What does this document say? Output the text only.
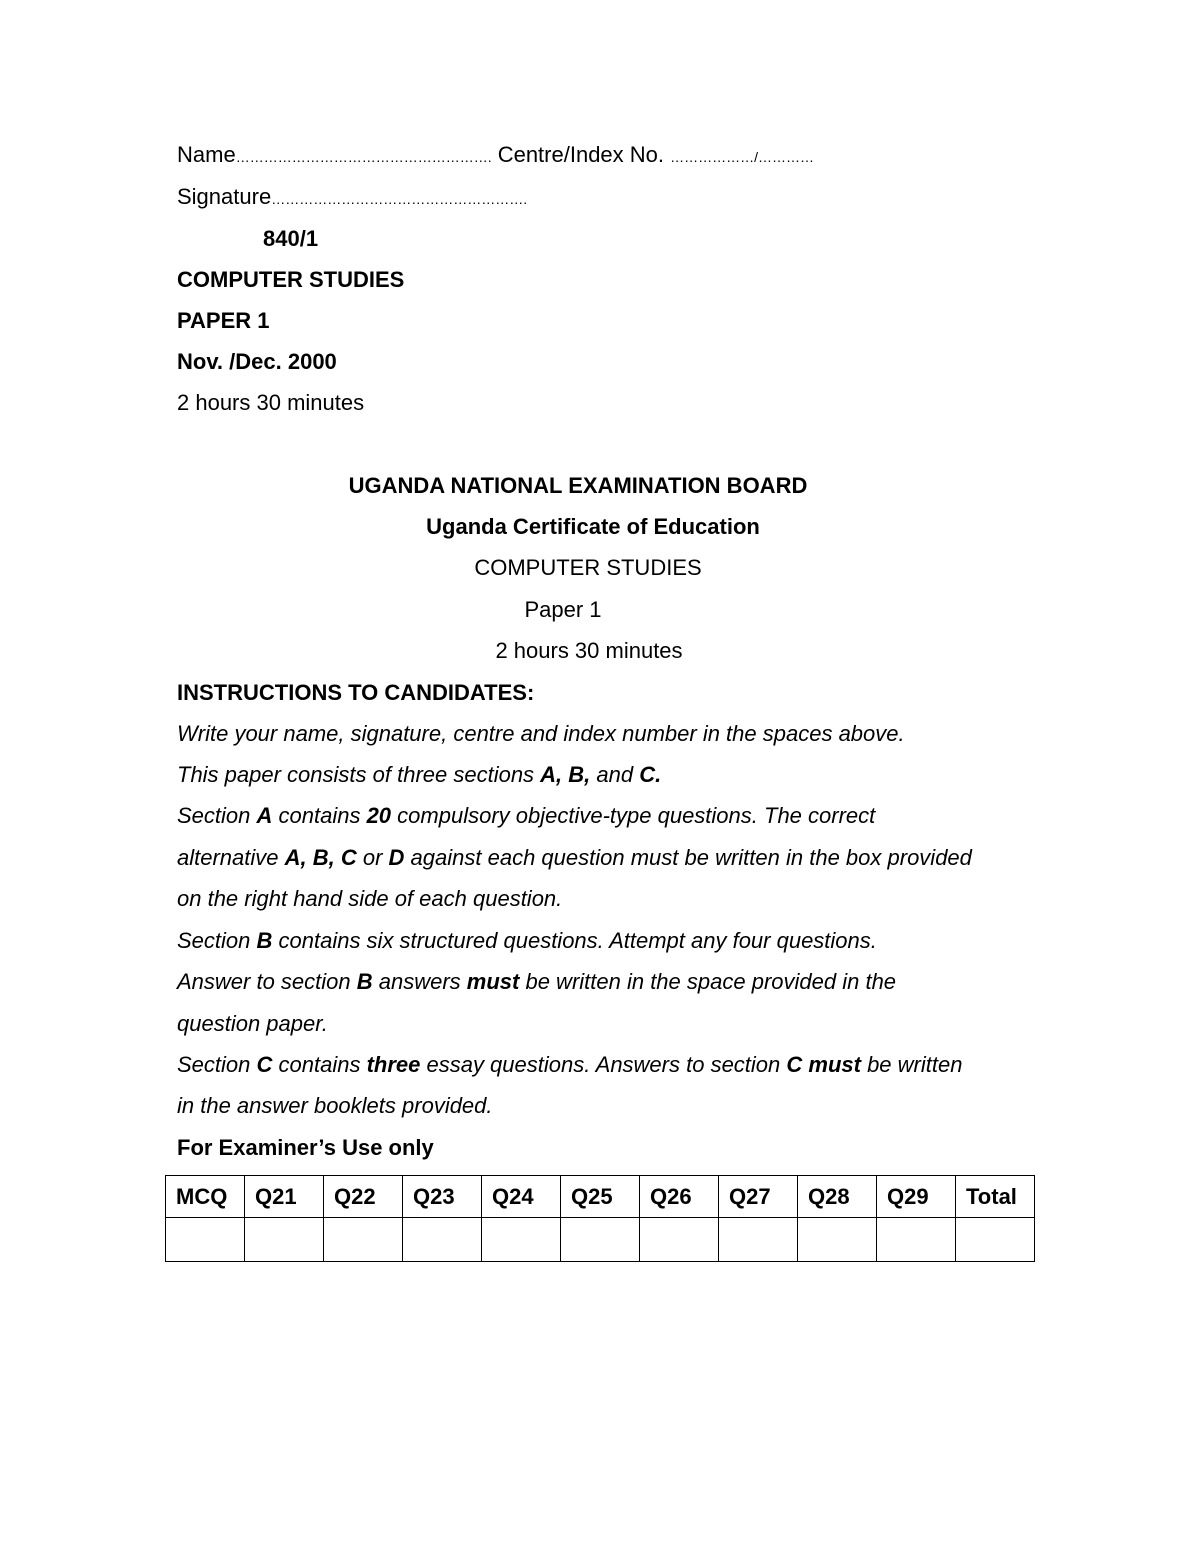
Name………………………………………………. Centre/Index No. ………………/…………
Signature……………………………………………….
840/1
COMPUTER STUDIES
PAPER 1
Nov. /Dec. 2000
2 hours 30 minutes
UGANDA NATIONAL EXAMINATION BOARD
Uganda Certificate of Education
COMPUTER STUDIES
Paper 1
2 hours 30 minutes
INSTRUCTIONS TO CANDIDATES:
Write your name, signature, centre and index number in the spaces above.
This paper consists of three sections A, B, and C.
Section A contains 20 compulsory objective-type questions. The correct
alternative A, B, C or D against each question must be written in the box provided
on the right hand side of each question.
Section B contains six structured questions. Attempt any four questions.
Answer to section B answers must be written in the space provided in the
question paper.
Section C contains three essay questions. Answers to section C must be written
in the answer booklets provided.
For Examiner’s Use only
MCQ	Q21	Q22	Q23	Q24	Q25	Q26	Q27	Q28	Q29	Total
